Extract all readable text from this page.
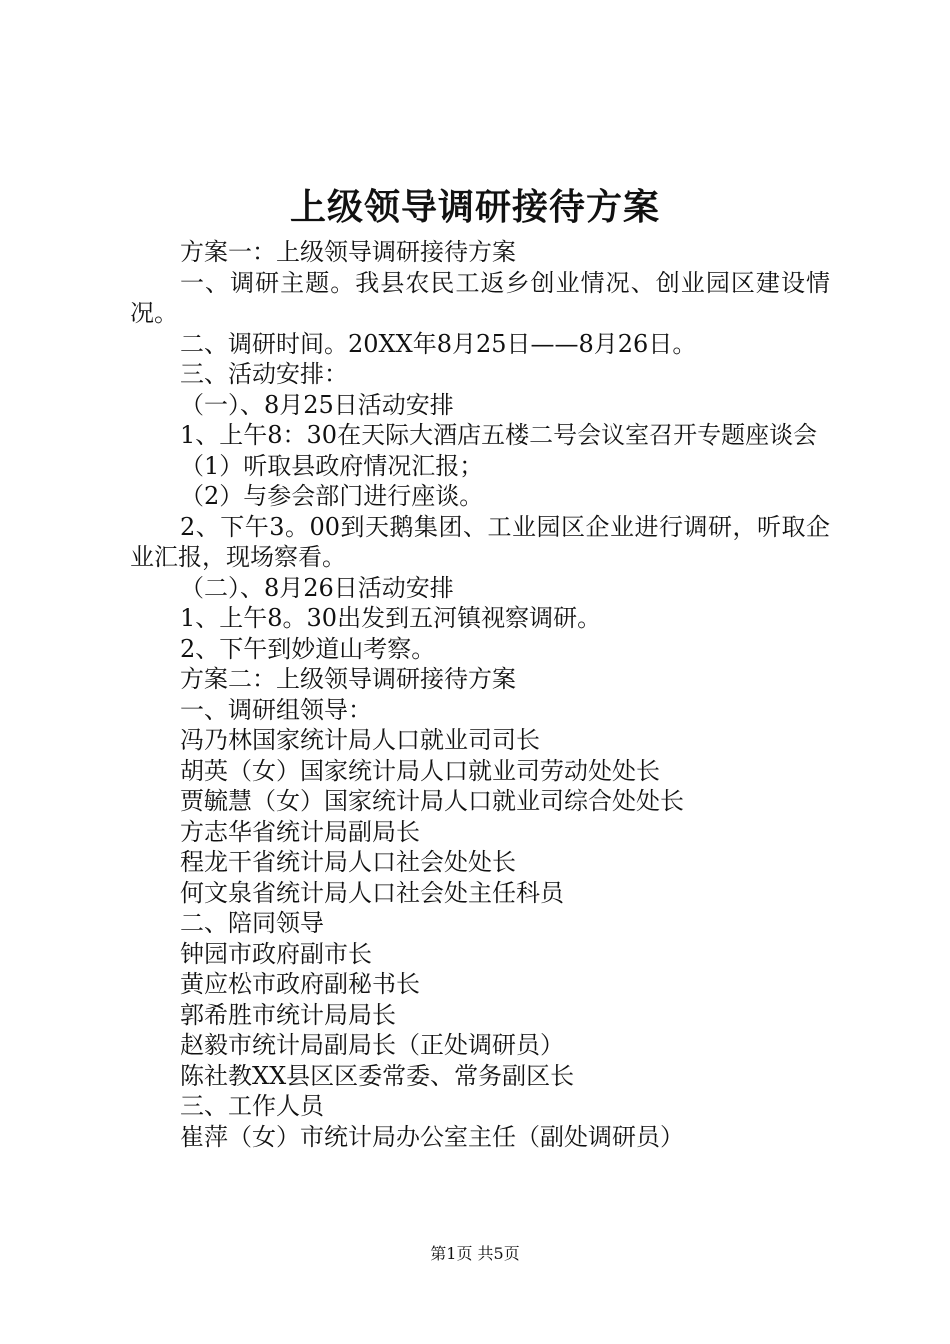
上级领导调研接待方案

方案一：上级领导调研接待方案

一、调研主题。我县农民工返乡创业情况、创业园区建设情况。

二、调研时间。20XX年8月25日——8月26日。

三、活动安排：

（一）、8月25日活动安排

1、上午8：30在天际大酒店五楼二号会议室召开专题座谈会

（1）听取县政府情况汇报；

（2）与参会部门进行座谈。

2、下午3。00到天鹅集团、工业园区企业进行调研，听取企业汇报，现场察看。

（二）、8月26日活动安排

1、上午8。30出发到五河镇视察调研。

2、下午到妙道山考察。

方案二：上级领导调研接待方案

一、调研组领导：

冯乃林国家统计局人口就业司司长

胡英（女）国家统计局人口就业司劳动处处长

贾毓慧（女）国家统计局人口就业司综合处处长

方志华省统计局副局长

程龙干省统计局人口社会处处长

何文泉省统计局人口社会处主任科员

二、陪同领导

钟园市政府副市长

黄应松市政府副秘书长

郭希胜市统计局局长

赵毅市统计局副局长（正处调研员）

陈社教XX县区区委常委、常务副区长

三、工作人员

崔萍（女）市统计局办公室主任（副处调研员）

第1页 共5页
